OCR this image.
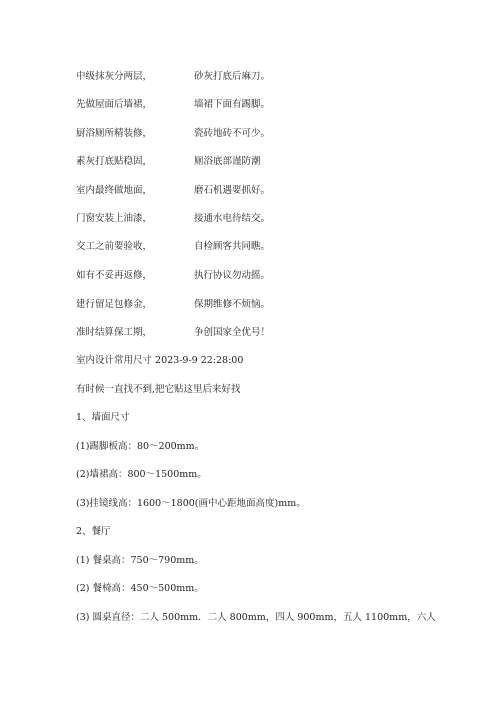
中级抹灰分两层，	砂灰打底后麻刀。
先做屋面后墙裙，	墙裙下面有踢脚。
厨浴厕所精装修，	瓷砖地砖不可少。
素灰打底贴稳固，	厕浴底部谨防潮
室内最终做地面，	磨石机遇要抓好。
门窗安装上油漆，	接通水电待结交。
交工之前要验收，	自检顾客共同瞧。
如有不妥再返修，	执行协议勿动摇。
建行留足包修金，	保期维修不烦恼。
准时结算保工期，	争创国家全优号！
室内设计常用尺寸 2023-9-9 22:28:00
有时候一直找不到,把它贴这里后来好找
1、墙面尺寸
(1)踢脚板高：80～200mm。
(2)墙裙高：800～1500mm。
(3)挂镜线高：1600～1800(画中心距地面高度)mm。
2、餐厅
(1) 餐桌高：750～790mm。
(2) 餐椅高：450～500mm。
(3) 圆桌直径：二人 500mm．二人 800mm，四人 900mm，五人 1100mm，六人
